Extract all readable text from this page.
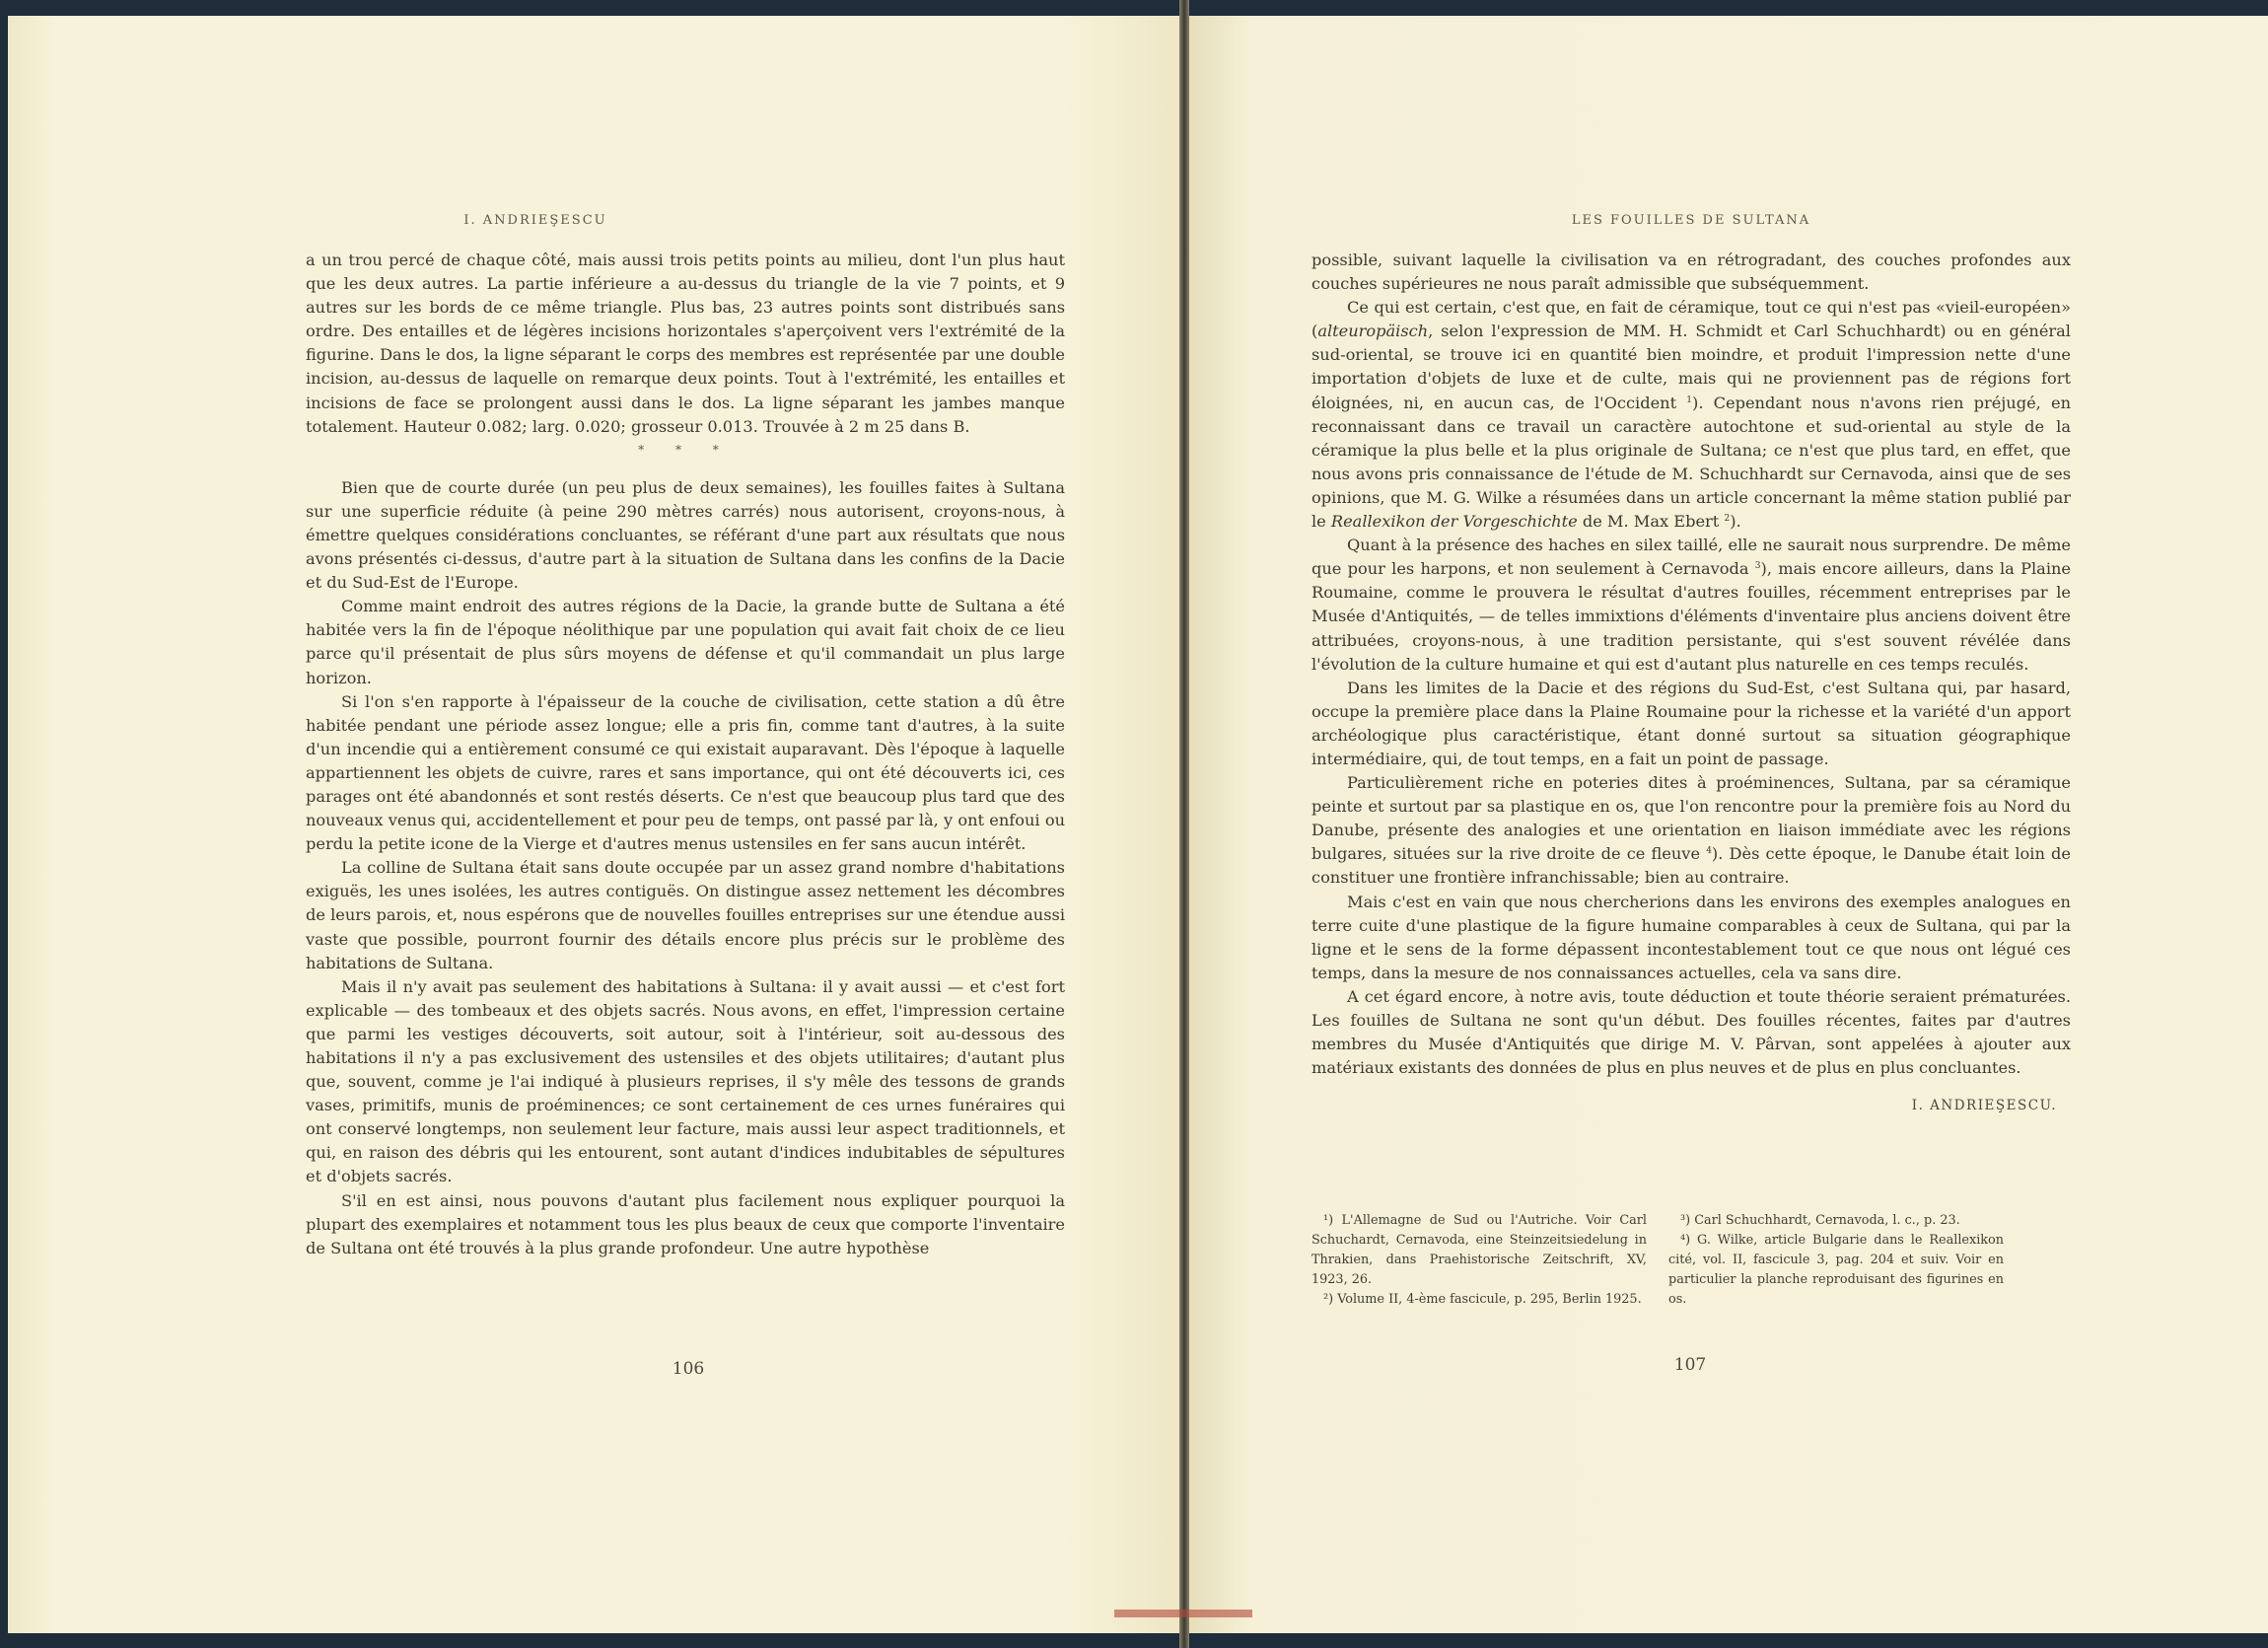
I. ANDRIEŞESCU

a un trou percé de chaque côté, mais aussi trois petits points au milieu, dont l'un plus haut que les deux autres. La partie inférieure a au-dessus du triangle de la vie 7 points, et 9 autres sur les bords de ce même triangle. Plus bas, 23 autres points sont distribués sans ordre. Des entailles et de légères incisions horizontales s'aperçoivent vers l'extrémité de la figurine. Dans le dos, la ligne séparant le corps des membres est représentée par une double incision, au-dessus de laquelle on remarque deux points. Tout à l'extrémité, les entailles et incisions de face se prolongent aussi dans le dos. La ligne séparant les jambes manque totalement. Hauteur 0.082; larg. 0.020; grosseur 0.013. Trouvée à 2 m 25 dans B.

* * *

Bien que de courte durée (un peu plus de deux semaines), les fouilles faites à Sultana sur une superficie réduite (à peine 290 mètres carrés) nous autorisent, croyons-nous, à émettre quelques considérations concluantes, se référant d'une part aux résultats que nous avons présentés ci-dessus, d'autre part à la situation de Sultana dans les confins de la Dacie et du Sud-Est de l'Europe.

Comme maint endroit des autres régions de la Dacie, la grande butte de Sultana a été habitée vers la fin de l'époque néolithique par une population qui avait fait choix de ce lieu parce qu'il présentait de plus sûrs moyens de défense et qu'il commandait un plus large horizon.

Si l'on s'en rapporte à l'épaisseur de la couche de civilisation, cette station a dû être habitée pendant une période assez longue; elle a pris fin, comme tant d'autres, à la suite d'un incendie qui a entièrement consumé ce qui existait auparavant. Dès l'époque à laquelle appartiennent les objets de cuivre, rares et sans importance, qui ont été découverts ici, ces parages ont été abandonnés et sont restés déserts. Ce n'est que beaucoup plus tard que des nouveaux venus qui, accidentellement et pour peu de temps, ont passé par là, y ont enfoui ou perdu la petite icone de la Vierge et d'autres menus ustensiles en fer sans aucun intérêt.

La colline de Sultana était sans doute occupée par un assez grand nombre d'habitations exiguës, les unes isolées, les autres contiguës. On distingue assez nettement les décombres de leurs parois, et, nous espérons que de nouvelles fouilles entreprises sur une étendue aussi vaste que possible, pourront fournir des détails encore plus précis sur le problème des habitations de Sultana.

Mais il n'y avait pas seulement des habitations à Sultana: il y avait aussi — et c'est fort explicable — des tombeaux et des objets sacrés. Nous avons, en effet, l'impression certaine que parmi les vestiges découverts, soit autour, soit à l'intérieur, soit au-dessous des habitations il n'y a pas exclusivement des ustensiles et des objets utilitaires; d'autant plus que, souvent, comme je l'ai indiqué à plusieurs reprises, il s'y mêle des tessons de grands vases, primitifs, munis de proéminences; ce sont certainement de ces urnes funéraires qui ont conservé longtemps, non seulement leur facture, mais aussi leur aspect traditionnels, et qui, en raison des débris qui les entourent, sont autant d'indices indubitables de sépultures et d'objets sacrés.

S'il en est ainsi, nous pouvons d'autant plus facilement nous expliquer pourquoi la plupart des exemplaires et notamment tous les plus beaux de ceux que comporte l'inventaire de Sultana ont été trouvés à la plus grande profondeur. Une autre hypothèse

106
LES FOUILLES DE SULTANA

possible, suivant laquelle la civilisation va en rétrogradant, des couches profondes aux couches supérieures ne nous paraît admissible que subséquemment.

Ce qui est certain, c'est que, en fait de céramique, tout ce qui n'est pas «vieil-européen» (alteuropäisch, selon l'expression de MM. H. Schmidt et Carl Schuchhardt) ou en général sud-oriental, se trouve ici en quantité bien moindre, et produit l'impression nette d'une importation d'objets de luxe et de culte, mais qui ne proviennent pas de régions fort éloignées, ni, en aucun cas, de l'Occident $^1$). Cependant nous n'avons rien préjugé, en reconnaissant dans ce travail un caractère autochtone et sud-oriental au style de la céramique la plus belle et la plus originale de Sultana; ce n'est que plus tard, en effet, que nous avons pris connaissance de l'étude de M. Schuchhardt sur Cernavoda, ainsi que de ses opinions, que M. G. Wilke a résumées dans un article concernant la même station publié par le Reallexikon der Vorgeschichte de M. Max Ebert $^2$).

Quant à la présence des haches en silex taillé, elle ne saurait nous surprendre. De même que pour les harpons, et non seulement à Cernavoda $^3$), mais encore ailleurs, dans la Plaine Roumaine, comme le prouvera le résultat d'autres fouilles, récemment entreprises par le Musée d'Antiquités, — de telles immixtions d'éléments d'inventaire plus anciens doivent être attribuées, croyons-nous, à une tradition persistante, qui s'est souvent révélée dans l'évolution de la culture humaine et qui est d'autant plus naturelle en ces temps reculés.

Dans les limites de la Dacie et des régions du Sud-Est, c'est Sultana qui, par hasard, occupe la première place dans la Plaine Roumaine pour la richesse et la variété d'un apport archéologique plus caractéristique, étant donné surtout sa situation géographique intermédiaire, qui, de tout temps, en a fait un point de passage.

Particulièrement riche en poteries dites à proéminences, Sultana, par sa céramique peinte et surtout par sa plastique en os, que l'on rencontre pour la première fois au Nord du Danube, présente des analogies et une orientation en liaison immédiate avec les régions bulgares, situées sur la rive droite de ce fleuve $^4$). Dès cette époque, le Danube était loin de constituer une frontière infranchissable; bien au contraire.

Mais c'est en vain que nous chercherions dans les environs des exemples analogues en terre cuite d'une plastique de la figure humaine comparables à ceux de Sultana, qui par la ligne et le sens de la forme dépassent incontestablement tout ce que nous ont légué ces temps, dans la mesure de nos connaissances actuelles, cela va sans dire.

A cet égard encore, à notre avis, toute déduction et toute théorie seraient prématurées. Les fouilles de Sultana ne sont qu'un début. Des fouilles récentes, faites par d'autres membres du Musée d'Antiquités que dirige M. V. Pârvan, sont appelées à ajouter aux matériaux existants des données de plus en plus neuves et de plus en plus concluantes.

I. ANDRIEŞESCU.

¹) L'Allemagne de Sud ou l'Autriche. Voir Carl Schuchardt, Cernavoda, eine Steinzeitsiedelung in Thrakien, dans Praehistorische Zeitschrift, XV, 1923, 26.

²) Volume II, 4-ème fascicule, p. 295, Berlin 1925.

³) Carl Schuchhardt, Cernavoda, l. c., p. 23.

⁴) G. Wilke, article Bulgarie dans le Reallexikon cité, vol. II, fascicule 3, pag. 204 et suiv. Voir en particulier la planche reproduisant des figurines en os.

107
